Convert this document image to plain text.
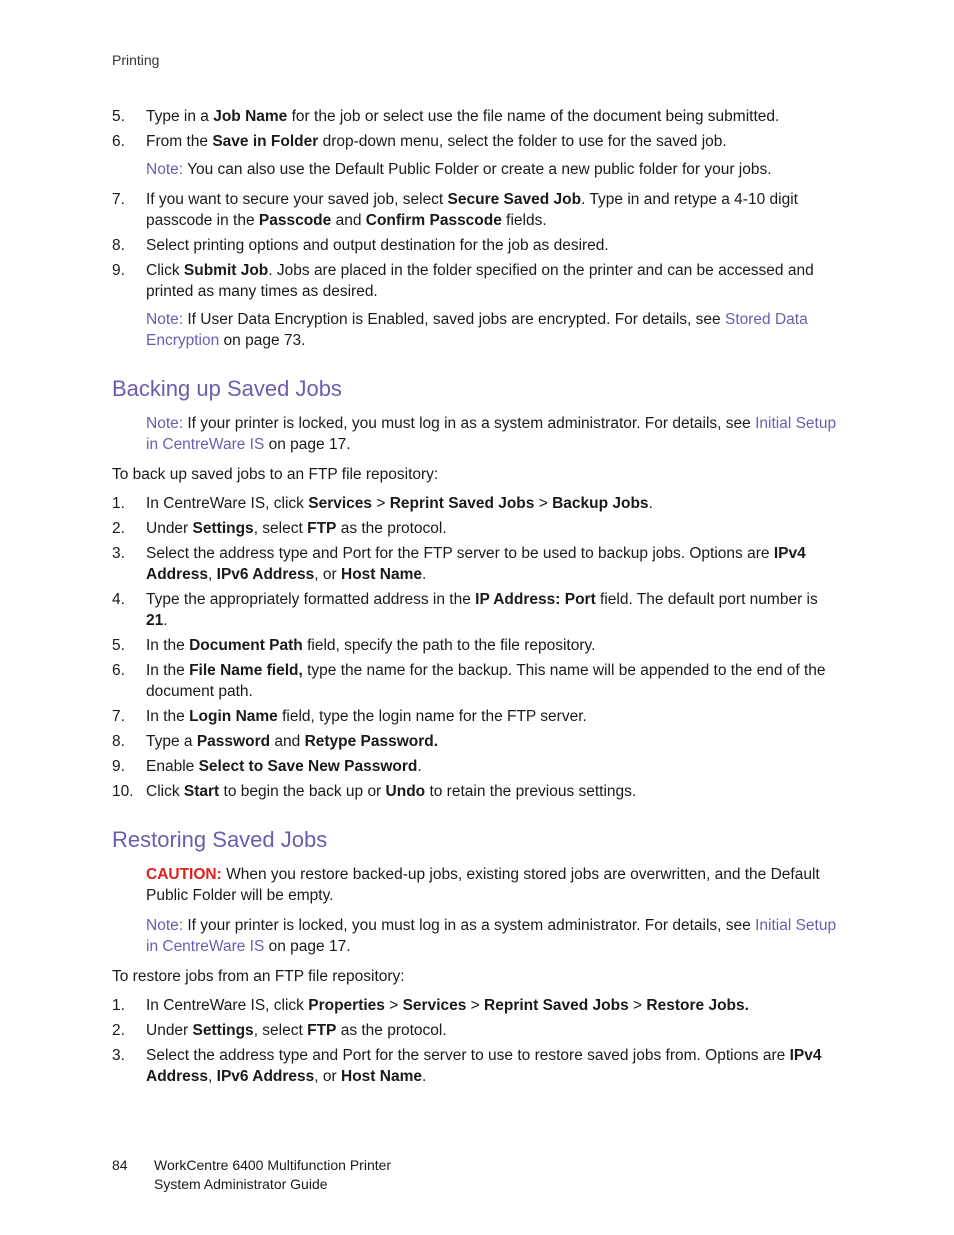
Printing
5.	Type in a Job Name for the job or select use the file name of the document being submitted.
6.	From the Save in Folder drop-down menu, select the folder to use for the saved job.
Note: You can also use the Default Public Folder or create a new public folder for your jobs.
7.	If you want to secure your saved job, select Secure Saved Job. Type in and retype a 4-10 digit passcode in the Passcode and Confirm Passcode fields.
8.	Select printing options and output destination for the job as desired.
9.	Click Submit Job. Jobs are placed in the folder specified on the printer and can be accessed and printed as many times as desired.
Note: If User Data Encryption is Enabled, saved jobs are encrypted. For details, see Stored Data Encryption on page 73.
Backing up Saved Jobs
Note: If your printer is locked, you must log in as a system administrator. For details, see Initial Setup in CentreWare IS on page 17.
To back up saved jobs to an FTP file repository:
1.	In CentreWare IS, click Services > Reprint Saved Jobs > Backup Jobs.
2.	Under Settings, select FTP as the protocol.
3.	Select the address type and Port for the FTP server to be used to backup jobs. Options are IPv4 Address, IPv6 Address, or Host Name.
4.	Type the appropriately formatted address in the IP Address: Port field. The default port number is 21.
5.	In the Document Path field, specify the path to the file repository.
6.	In the File Name field, type the name for the backup. This name will be appended to the end of the document path.
7.	In the Login Name field, type the login name for the FTP server.
8.	Type a Password and Retype Password.
9.	Enable Select to Save New Password.
10. Click Start to begin the back up or Undo to retain the previous settings.
Restoring Saved Jobs
CAUTION: When you restore backed-up jobs, existing stored jobs are overwritten, and the Default Public Folder will be empty.
Note: If your printer is locked, you must log in as a system administrator. For details, see Initial Setup in CentreWare IS on page 17.
To restore jobs from an FTP file repository:
1.	In CentreWare IS, click Properties > Services > Reprint Saved Jobs > Restore Jobs.
2.	Under Settings, select FTP as the protocol.
3.	Select the address type and Port for the server to use to restore saved jobs from. Options are IPv4 Address, IPv6 Address, or Host Name.
84	WorkCentre 6400 Multifunction Printer
System Administrator Guide
